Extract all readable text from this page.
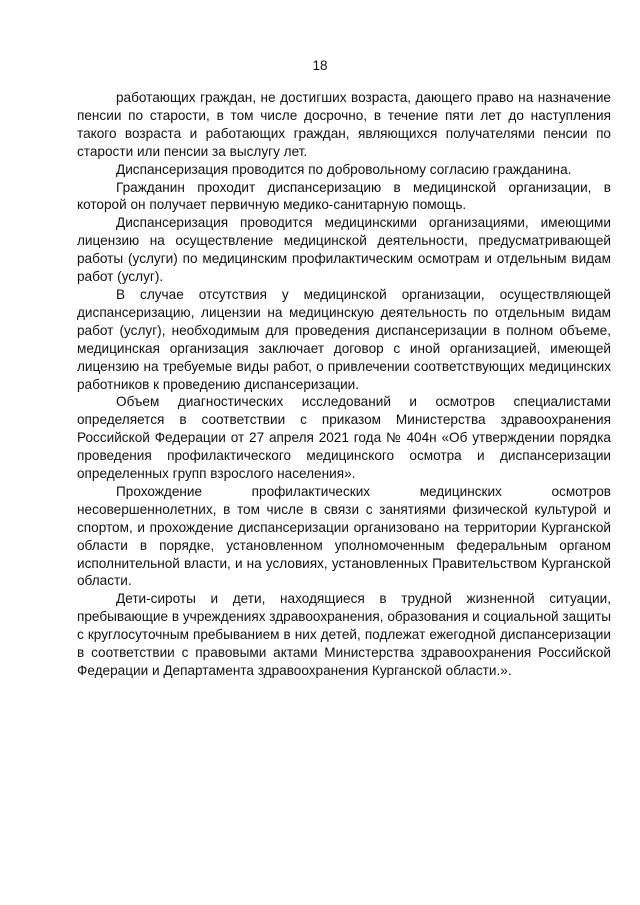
18

работающих граждан, не достигших возраста, дающего право на назначение пенсии по старости, в том числе досрочно, в течение пяти лет до наступления такого возраста и работающих граждан, являющихся получателями пенсии по старости или пенсии за выслугу лет.

Диспансеризация проводится по добровольному согласию гражданина.

Гражданин проходит диспансеризацию в медицинской организации, в которой он получает первичную медико-санитарную помощь.

Диспансеризация проводится медицинскими организациями, имеющими лицензию на осуществление медицинской деятельности, предусматривающей работы (услуги) по медицинским профилактическим осмотрам и отдельным видам работ (услуг).

В случае отсутствия у медицинской организации, осуществляющей диспансеризацию, лицензии на медицинскую деятельность по отдельным видам работ (услуг), необходимым для проведения диспансеризации в полном объеме, медицинская организация заключает договор с иной организацией, имеющей лицензию на требуемые виды работ, о привлечении соответствующих медицинских работников к проведению диспансеризации.

Объем диагностических исследований и осмотров специалистами определяется в соответствии с приказом Министерства здравоохранения Российской Федерации от 27 апреля 2021 года № 404н «Об утверждении порядка проведения профилактического медицинского осмотра и диспансеризации определенных групп взрослого населения».

Прохождение профилактических медицинских осмотров несовершеннолетних, в том числе в связи с занятиями физической культурой и спортом, и прохождение диспансеризации организовано на территории Курганской области в порядке, установленном уполномоченным федеральным органом исполнительной власти, и на условиях, установленных Правительством Курганской области.

Дети-сироты и дети, находящиеся в трудной жизненной ситуации, пребывающие в учреждениях здравоохранения, образования и социальной защиты с круглосуточным пребыванием в них детей, подлежат ежегодной диспансеризации в соответствии с правовыми актами Министерства здравоохранения Российской Федерации и Департамента здравоохранения Курганской области.».
